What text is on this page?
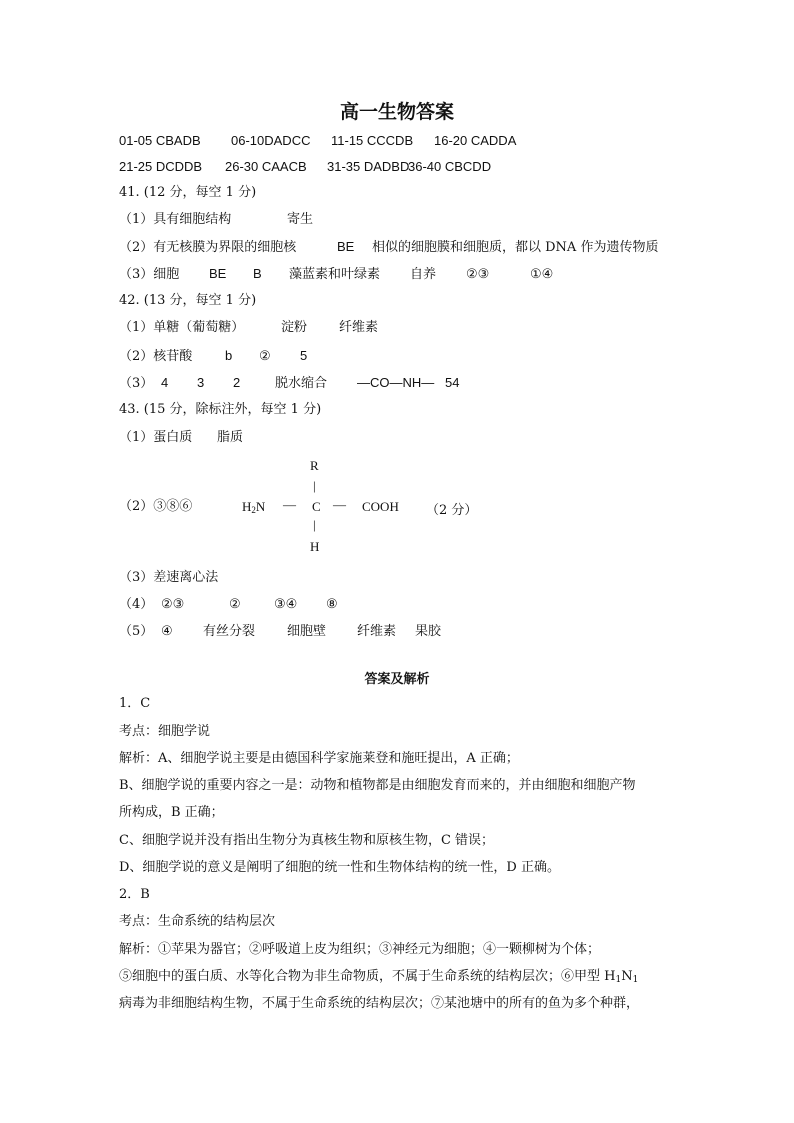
高一生物答案
01-05 CBADB 06-10DADCC 11-15 CCCDB 16-20 CADDA
21-25 DCDDB 26-30 CAACB 31-35 DADBD36-40 CBCDD
41. (12 分，每空 1 分)
（1）具有细胞结构	寄生
（2）有无核膜为界限的细胞核	BE 相似的细胞膜和细胞质，都以 DNA 作为遗传物质
（3）细胞 BE B 藻蓝素和叶绿素 自养 ②③	①④
42. (13 分，每空 1 分)
（1）单糖（葡萄糖）	淀粉 纤维素
（2）核苷酸	b ② 5
（3） 4 3 2	脱水缩合 —CO—NH— 54
43. (15 分，除标注外，每空 1 分)
（1）蛋白质 脂质
（2）③⑧⑥
R
|
$H_2N$ — C — COOH （2 分）
|
H
（3）差速离心法
（4） ②③	②	③④ ⑧
（5） ④ 有丝分裂 细胞壁 纤维素 果胶
答案及解析
1．C
考点：细胞学说
解析：A、细胞学说主要是由德国科学家施莱登和施旺提出，A 正确；
B、细胞学说的重要内容之一是：动物和植物都是由细胞发育而来的，并由细胞和细胞产物
所构成，B 正确；
C、细胞学说并没有指出生物分为真核生物和原核生物，C 错误；
D、细胞学说的意义是阐明了细胞的统一性和生物体结构的统一性，D 正确。
2．B
考点：生命系统的结构层次
解析：①苹果为器官；②呼吸道上皮为组织；③神经元为细胞；④一颗柳树为个体；
⑤细胞中的蛋白质、水等化合物为非生命物质，不属于生命系统的结构层次；⑥甲型 $H_1N_1$
病毒为非细胞结构生物，不属于生命系统的结构层次；⑦某池塘中的所有的鱼为多个种群，
